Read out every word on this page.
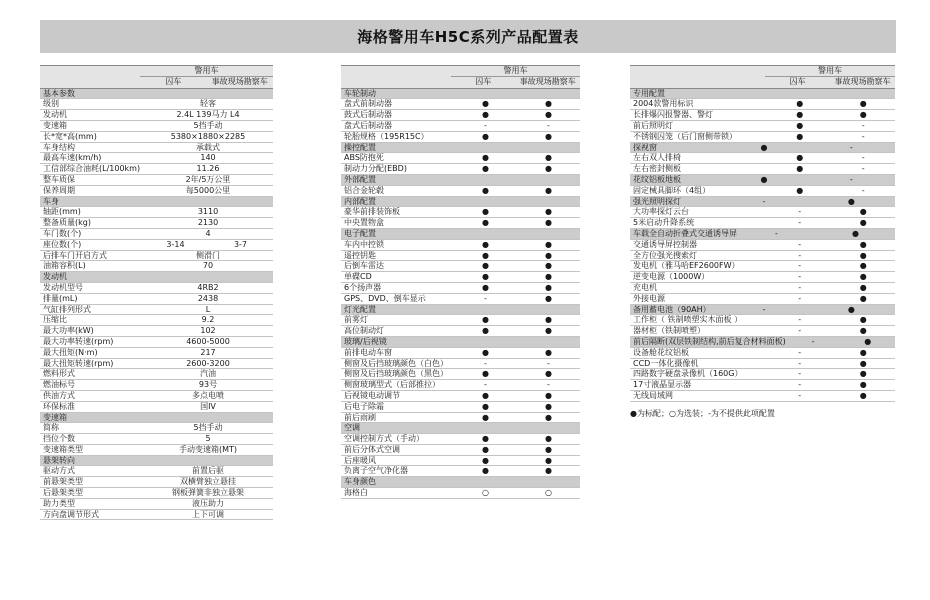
海格警用车H5C系列产品配置表
警用车
囚车	事故现场勘察车
基本参数
级别	轻客
发动机	2.4L 139马力 L4
变速箱	5挡手动
长*宽*高(mm)	5380×1880×2285
车身结构	承载式
最高车速(km/h)	140
工信部综合油耗(L/100km)	11.26
整车质保	2年/5万公里
保养周期	每5000公里
车身
轴距(mm)	3110
整备质量(kg)	2130
车门数(个)	4
座位数(个)	3-14	3-7
后排车门开启方式	侧滑门
油箱容积(L)	70
发动机
发动机型号	4RB2
排量(mL)	2438
气缸排列形式	L
压缩比	9.2
最大功率(kW)	102
最大功率转速(rpm)	4600-5000
最大扭矩(N·m)	217
最大扭矩转速(rpm)	2600-3200
燃料形式	汽油
燃油标号	93号
供油方式	多点电喷
环保标准	国IV
变速箱
简称	5挡手动
挡位个数	5
变速箱类型	手动变速箱(MT)
悬架转向
驱动方式	前置后驱
前悬架类型	双横臂独立悬挂
后悬架类型	钢板弹簧非独立悬架
助力类型	液压助力
方向盘调节形式	上下可调
警用车
囚车	事故现场勘察车
车轮制动
盘式前制动器	●	●
鼓式后制动器	●	●
盘式后制动器	-	-
轮胎规格（195R15C）	●	●
操控配置
ABS防抱死	●	●
制动力分配(EBD)	●	●
外部配置
铝合金轮毂	●	●
内部配置
豪华前排装饰板	●	●
中央置物盒	●	●
电子配置
车内中控锁	●	●
遥控钥匙	●	●
后倒车雷达	●	●
单碟CD	●	●
6个扬声器	●	●
GPS、DVD、倒车显示	-	●
灯光配置
前雾灯	●	●
高位制动灯	●	●
玻璃/后视镜
前排电动车窗	●	●
侧窗及后挡玻璃颜色（白色）	-	-
侧窗及后挡玻璃颜色（黑色）	●	●
侧窗玻璃型式（后部推拉）	-	-
后视镜电动调节	●	●
后电子除霜	●	●
前后雨刷	●	●
空调
空调控制方式（手动）	●	●
前后分体式空调	●	●
后座暖风	●	●
负离子空气净化器	●	●
车身颜色
海格白	○	○
警用车
囚车	事故现场勘察车
专用配置
2004款警用标识	●	●
长排爆闪报警器、警灯	●	●
前后照明灯	●	-
不锈钢囚笼（后门窗侧带锁）	●	-
探视窗	●	-
左右双人排椅	●	-
左右密封侧板	●	-
花纹铝板地板	●	-
固定械具脚环（4组）	●	-
强光照明探灯	-	●
大功率探灯云台	-	●
5米启动升降系统	-	●
车载全自动折叠式交通诱导屏	-	●
交通诱导屏控制器	-	●
全方位强光搜索灯	-	●
发电机（雅马哈EF2600FW）	-	●
逆变电源（1000W）	-	●
充电机	-	●
外接电源	-	●
备用蓄电池（90AH）	-	●
工作柜（ 铁制喷塑实木面板 ）	-	●
器材柜（铁制喷塑）	-	●
前后隔断(双层铁制结构,前后复合材料面板)	-	●
设备舱花纹铝板	-	●
CCD一体化摄像机	-	●
四路数字硬盘录像机（160G）	-	●
17寸液晶显示器	-	●
无线局域网	-	●
●为标配；○为选装；-为不提供此项配置
